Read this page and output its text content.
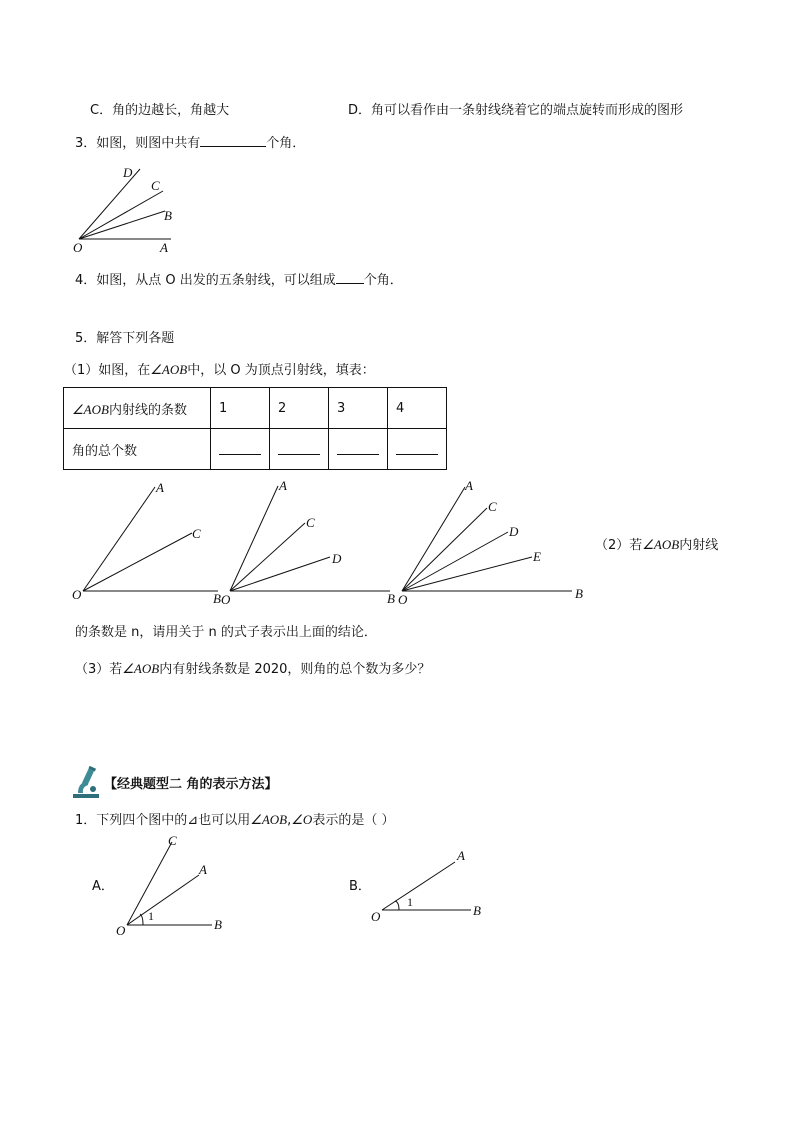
C．角的边越长，角越大	D．角可以看作由一条射线绕着它的端点旋转而形成的图形
3．如图，则图中共有	个角．
D
C
B
O	A
4．如图，从点 O 出发的五条射线，可以组成 个角．
5．解答下列各题
（1）如图，在∠AOB中，以 O 为顶点引射线，填表：
∠AOB内射线的条数	1	2	3	4
角的总个数				
A
C
O	B
A
C
D
O	B
A
C
D
E
O	B
（2）若∠AOB内射线
的条数是 n，请用关于 n 的式子表示出上面的结论．
（3）若∠AOB内有射线条数是 2020，则角的总个数为多少？
【经典题型二 角的表示方法】
1．下列四个图中的⊿也可以用∠AOB,∠O表示的是（ ）
A．
C
A
O	B
1
B．
A
O	B
1
